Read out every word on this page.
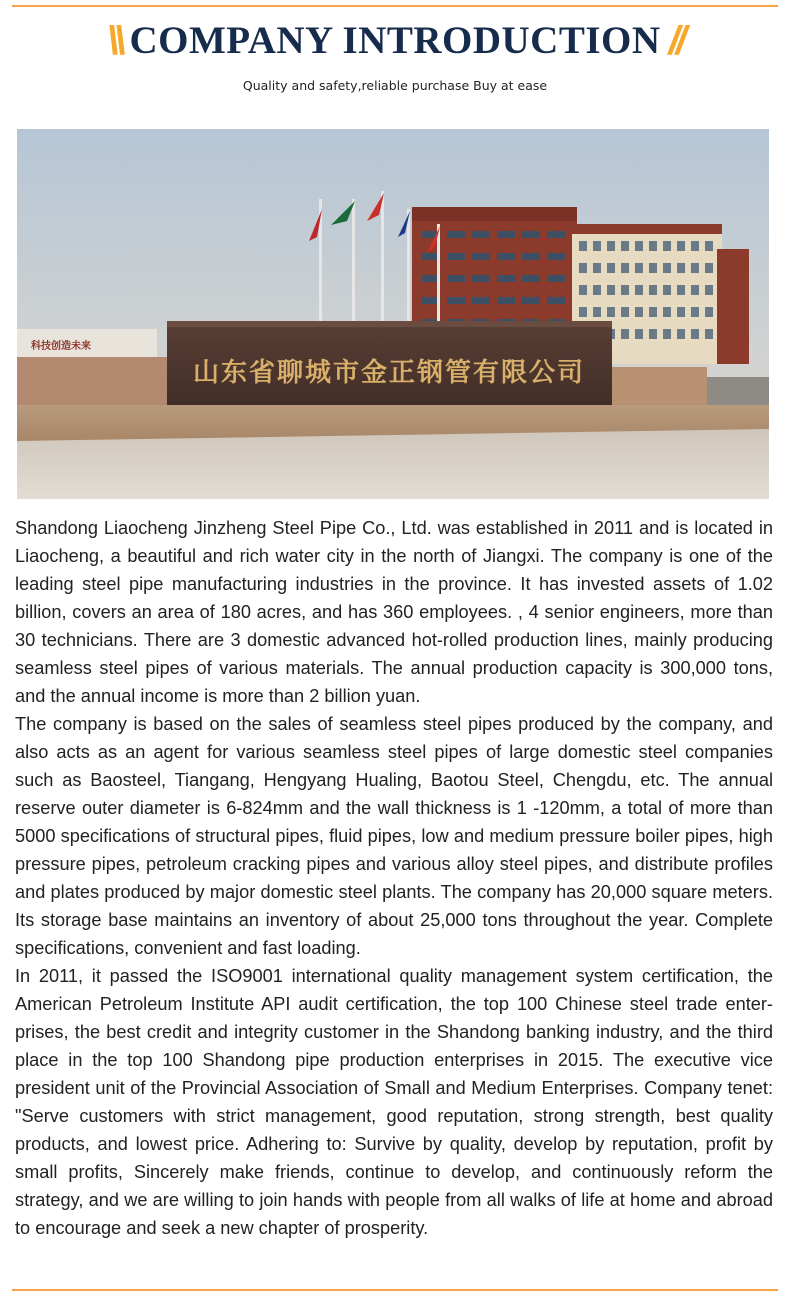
\\ COMPANY INTRODUCTION //
Quality and safety,reliable purchase Buy at ease
科技创造未来
山东省聊城市金正钢管有限公司

Shandong Liaocheng Jinzheng Steel Pipe Co., Ltd. was established in 2011 and is located in Liaocheng, a beautiful and rich water city in the north of Jiangxi. The company is one of the leading steel pipe manufacturing industries in the province. It has invested assets of 1.02 billion, covers an area of 180 acres, and has 360 employees. , 4 senior engineers, more than 30 technicians. There are 3 domestic advanced hot-rolled production lines, mainly producing seamless steel pipes of various materials. The annual production capacity is 300,000 tons, and the annual income is more than 2 billion yuan.

The company is based on the sales of seamless steel pipes produced by the company, and also acts as an agent for various seamless steel pipes of large domestic steel companies such as Baosteel, Tiangang, Hengyang Hualing, Baotou Steel, Chengdu, etc. The annual reserve outer diameter is 6-824mm and the wall thickness is 1 -120mm, a total of more than 5000 specifications of structural pipes, fluid pipes, low and medium pressure boiler pipes, high pressure pipes, petroleum cracking pipes and various alloy steel pipes, and distribute profiles and plates produced by major domestic steel plants. The company has 20,000 square meters. Its storage base maintains an inventory of about 25,000 tons throughout the year. Complete specifications, convenient and fast loading.

In 2011, it passed the ISO9001 international quality management system certification, the American Petroleum Institute API audit certification, the top 100 Chinese steel trade enter-prises, the best credit and integrity customer in the Shandong banking industry, and the third place in the top 100 Shandong pipe production enterprises in 2015. The executive vice president unit of the Provincial Association of Small and Medium Enterprises. Company tenet: "Serve customers with strict management, good reputation, strong strength, best quality products, and lowest price. Adhering to: Survive by quality, develop by reputation, profit by small profits, Sincerely make friends, continue to develop, and continuously reform the strategy, and we are willing to join hands with people from all walks of life at home and abroad to encourage and seek a new chapter of prosperity.
